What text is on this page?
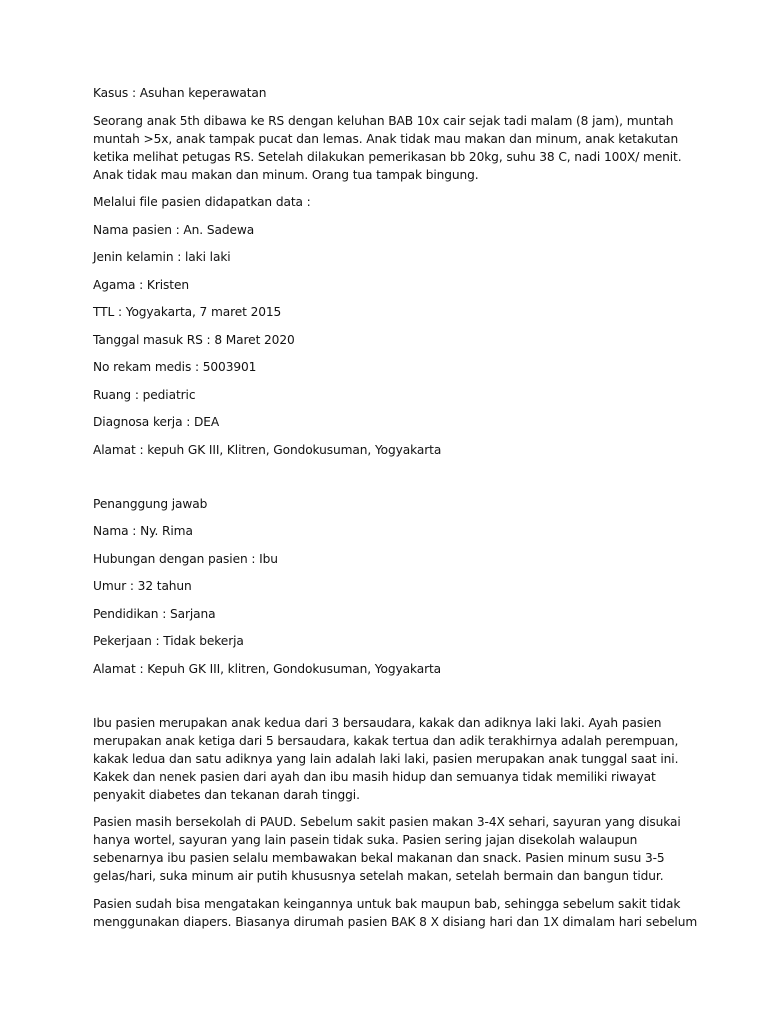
Kasus : Asuhan keperawatan
Seorang anak 5th dibawa ke RS dengan keluhan BAB 10x cair sejak tadi malam (8 jam), muntah
muntah >5x, anak tampak pucat dan lemas. Anak tidak mau makan dan minum, anak ketakutan
ketika melihat petugas RS. Setelah dilakukan pemerikasan bb 20kg, suhu 38 C, nadi 100X/ menit.
Anak tidak mau makan dan minum. Orang tua tampak bingung.
Melalui file pasien didapatkan data :
Nama pasien : An. Sadewa
Jenin kelamin : laki laki
Agama : Kristen
TTL : Yogyakarta, 7 maret 2015
Tanggal masuk RS : 8 Maret 2020
No rekam medis : 5003901
Ruang : pediatric
Diagnosa kerja : DEA
Alamat : kepuh GK III, Klitren, Gondokusuman, Yogyakarta
Penanggung jawab
Nama : Ny. Rima
Hubungan dengan pasien : Ibu
Umur : 32 tahun
Pendidikan : Sarjana
Pekerjaan : Tidak bekerja
Alamat : Kepuh GK III, klitren, Gondokusuman, Yogyakarta
Ibu pasien merupakan anak kedua dari 3 bersaudara, kakak dan adiknya laki laki. Ayah pasien
merupakan anak ketiga dari 5 bersaudara, kakak tertua dan adik terakhirnya adalah perempuan,
kakak ledua dan satu adiknya yang lain adalah laki laki, pasien merupakan anak tunggal saat ini.
Kakek dan nenek pasien dari ayah dan ibu masih hidup dan semuanya tidak memiliki riwayat
penyakit diabetes dan tekanan darah tinggi.
Pasien masih bersekolah di PAUD. Sebelum sakit pasien makan 3-4X sehari, sayuran yang disukai
hanya wortel, sayuran yang lain pasein tidak suka. Pasien sering jajan disekolah walaupun
sebenarnya ibu pasien selalu membawakan bekal makanan dan snack. Pasien minum susu 3-5
gelas/hari, suka minum air putih khususnya setelah makan, setelah bermain dan bangun tidur.
Pasien sudah bisa mengatakan keingannya untuk bak maupun bab, sehingga sebelum sakit tidak
menggunakan diapers. Biasanya dirumah pasien BAK 8 X disiang hari dan 1X dimalam hari sebelum
